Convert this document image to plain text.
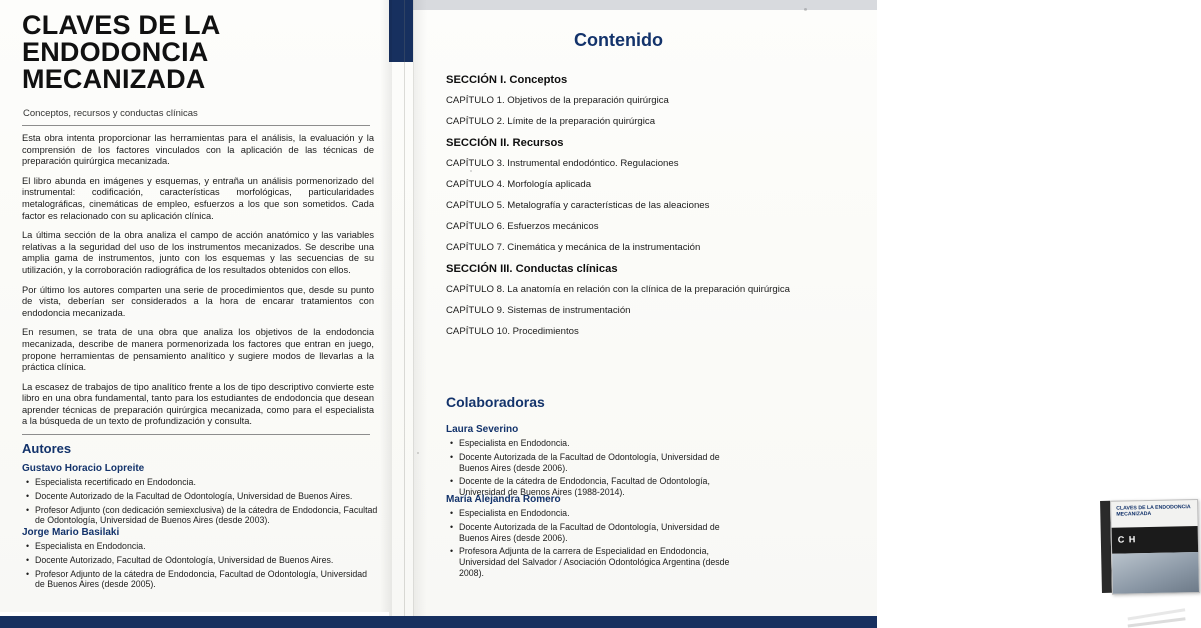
CLAVES DE LA
ENDODONCIA
MECANIZADA
Conceptos, recursos y conductas clínicas

Esta obra intenta proporcionar las herramientas para el análisis, la evaluación y la comprensión de los factores vinculados con la aplicación de las técnicas de preparación quirúrgica mecanizada.

El libro abunda en imágenes y esquemas, y entraña un análisis pormenorizado del instrumental: codificación, características morfológicas, particularidades metalográficas, cinemáticas de empleo, esfuerzos a los que son sometidos. Cada factor es relacionado con su aplicación clínica.

La última sección de la obra analiza el campo de acción anatómico y las variables relativas a la seguridad del uso de los instrumentos mecanizados. Se describe una amplia gama de instrumentos, junto con los esquemas y las secuencias de su utilización, y la corroboración radiográfica de los resultados obtenidos con ellos.

Por último los autores comparten una serie de procedimientos que, desde su punto de vista, deberían ser considerados a la hora de encarar tratamientos con endodoncia mecanizada.

En resumen, se trata de una obra que analiza los objetivos de la endodoncia mecanizada, describe de manera pormenorizada los factores que entran en juego, propone herramientas de pensamiento analítico y sugiere modos de llevarlas a la práctica clínica.

La escasez de trabajos de tipo analítico frente a los de tipo descriptivo convierte este libro en una obra fundamental, tanto para los estudiantes de endodoncia que desean aprender técnicas de preparación quirúrgica mecanizada, como para el especialista a la búsqueda de un texto de profundización y consulta.

Autores
Gustavo Horacio Lopreite
• Especialista recertificado en Endodoncia.
• Docente Autorizado de la Facultad de Odontología, Universidad de Buenos Aires.
• Profesor Adjunto (con dedicación semiexclusiva) de la cátedra de Endodoncia, Facultad de Odontología, Universidad de Buenos Aires (desde 2003).
Jorge Mario Basilaki
• Especialista en Endodoncia.
• Docente Autorizado, Facultad de Odontología, Universidad de Buenos Aires.
• Profesor Adjunto de la cátedra de Endodoncia, Facultad de Odontología, Universidad de Buenos Aires (desde 2005).
Contenido
SECCIÓN I. Conceptos
CAPÍTULO 1. Objetivos de la preparación quirúrgica
CAPÍTULO 2. Límite de la preparación quirúrgica
SECCIÓN II. Recursos
CAPÍTULO 3. Instrumental endodóntico. Regulaciones
CAPÍTULO 4. Morfología aplicada
CAPÍTULO 5. Metalografía y características de las aleaciones
CAPÍTULO 6. Esfuerzos mecánicos
CAPÍTULO 7. Cinemática y mecánica de la instrumentación
SECCIÓN III. Conductas clínicas
CAPÍTULO 8. La anatomía en relación con la clínica de la preparación quirúrgica
CAPÍTULO 9. Sistemas de instrumentación
CAPÍTULO 10. Procedimientos
Colaboradoras
Laura Severino
• Especialista en Endodoncia.
• Docente Autorizada de la Facultad de Odontología, Universidad de Buenos Aires (desde 2006).
• Docente de la cátedra de Endodoncia, Facultad de Odontología, Universidad de Buenos Aires (1988-2014).
María Alejandra Romero
• Especialista en Endodoncia.
• Docente Autorizada de la Facultad de Odontología, Universidad de Buenos Aires (desde 2006).
• Profesora Adjunta de la carrera de Especialidad en Endodoncia, Universidad del Salvador / Asociación Odontológica Argentina (desde 2008).
CLAVES DE LA ENDODONCIA MECANIZADA
C H
